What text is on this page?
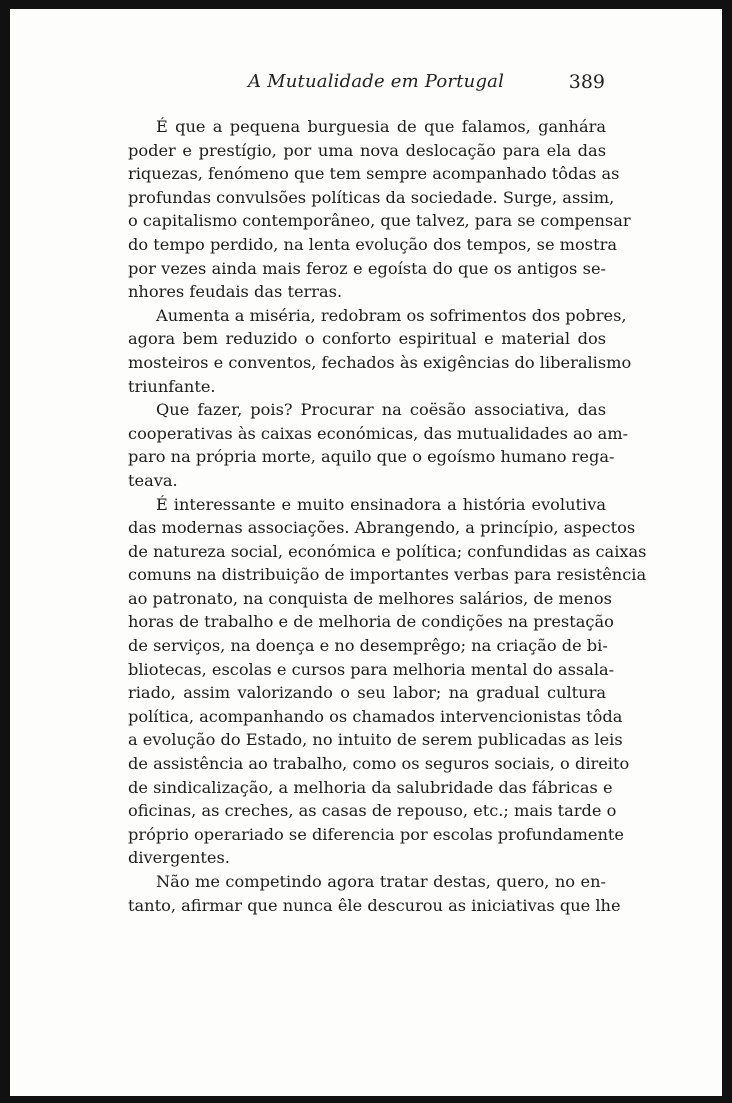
A Mutualidade em Portugal	389
É que a pequena burguesia de que falamos, ganhára
poder e prestígio, por uma nova deslocação para ela das
riquezas, fenómeno que tem sempre acompanhado tôdas as
profundas convulsões políticas da sociedade. Surge, assim,
o capitalismo contemporâneo, que talvez, para se compensar
do tempo perdido, na lenta evolução dos tempos, se mostra
por vezes ainda mais feroz e egoísta do que os antigos se-
nhores feudais das terras.
Aumenta a miséria, redobram os sofrimentos dos pobres,
agora bem reduzido o conforto espiritual e material dos
mosteiros e conventos, fechados às exigências do liberalismo
triunfante.
Que fazer, pois? Procurar na coësão associativa, das
cooperativas às caixas económicas, das mutualidades ao am-
paro na própria morte, aquilo que o egoísmo humano rega-
teava.
É interessante e muito ensinadora a história evolutiva
das modernas associações. Abrangendo, a princípio, aspectos
de natureza social, económica e política; confundidas as caixas
comuns na distribuição de importantes verbas para resistência
ao patronato, na conquista de melhores salários, de menos
horas de trabalho e de melhoria de condições na prestação
de serviços, na doença e no desemprêgo; na criação de bi-
bliotecas, escolas e cursos para melhoria mental do assala-
riado, assim valorizando o seu labor; na gradual cultura
política, acompanhando os chamados intervencionistas tôda
a evolução do Estado, no intuito de serem publicadas as leis
de assistência ao trabalho, como os seguros sociais, o direito
de sindicalização, a melhoria da salubridade das fábricas e
oficinas, as creches, as casas de repouso, etc.; mais tarde o
próprio operariado se diferencia por escolas profundamente
divergentes.
Não me competindo agora tratar destas, quero, no en-
tanto, afirmar que nunca êle descurou as iniciativas que lhe
